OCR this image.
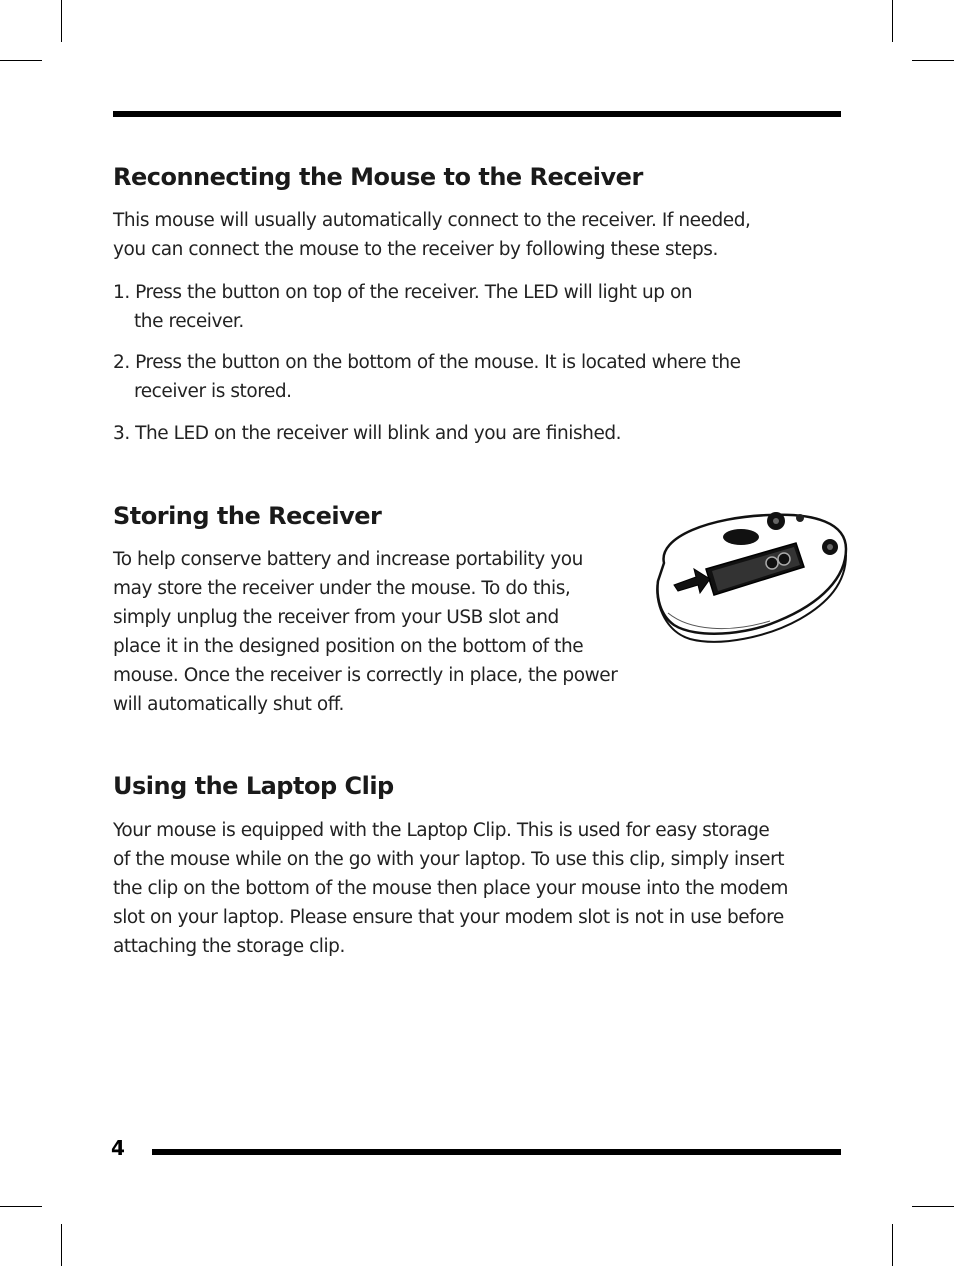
Reconnecting the Mouse to the Receiver

This mouse will usually automatically connect to the receiver. If needed,
you can connect the mouse to the receiver by following these steps.

1. Press the button on top of the receiver. The LED will light up on
the receiver.

2. Press the button on the bottom of the mouse. It is located where the
receiver is stored.

3. The LED on the receiver will blink and you are ﬁnished.

Storing the Receiver

To help conserve battery and increase portability you
may store the receiver under the mouse. To do this,
simply unplug the receiver from your USB slot and
place it in the designed position on the bottom of the
mouse. Once the receiver is correctly in place, the power
will automatically shut off.

Using the Laptop Clip

Your mouse is equipped with the Laptop Clip. This is used for easy storage
of the mouse while on the go with your laptop. To use this clip, simply insert
the clip on the bottom of the mouse then place your mouse into the modem
slot on your laptop. Please ensure that your modem slot is not in use before
attaching the storage clip.

4
